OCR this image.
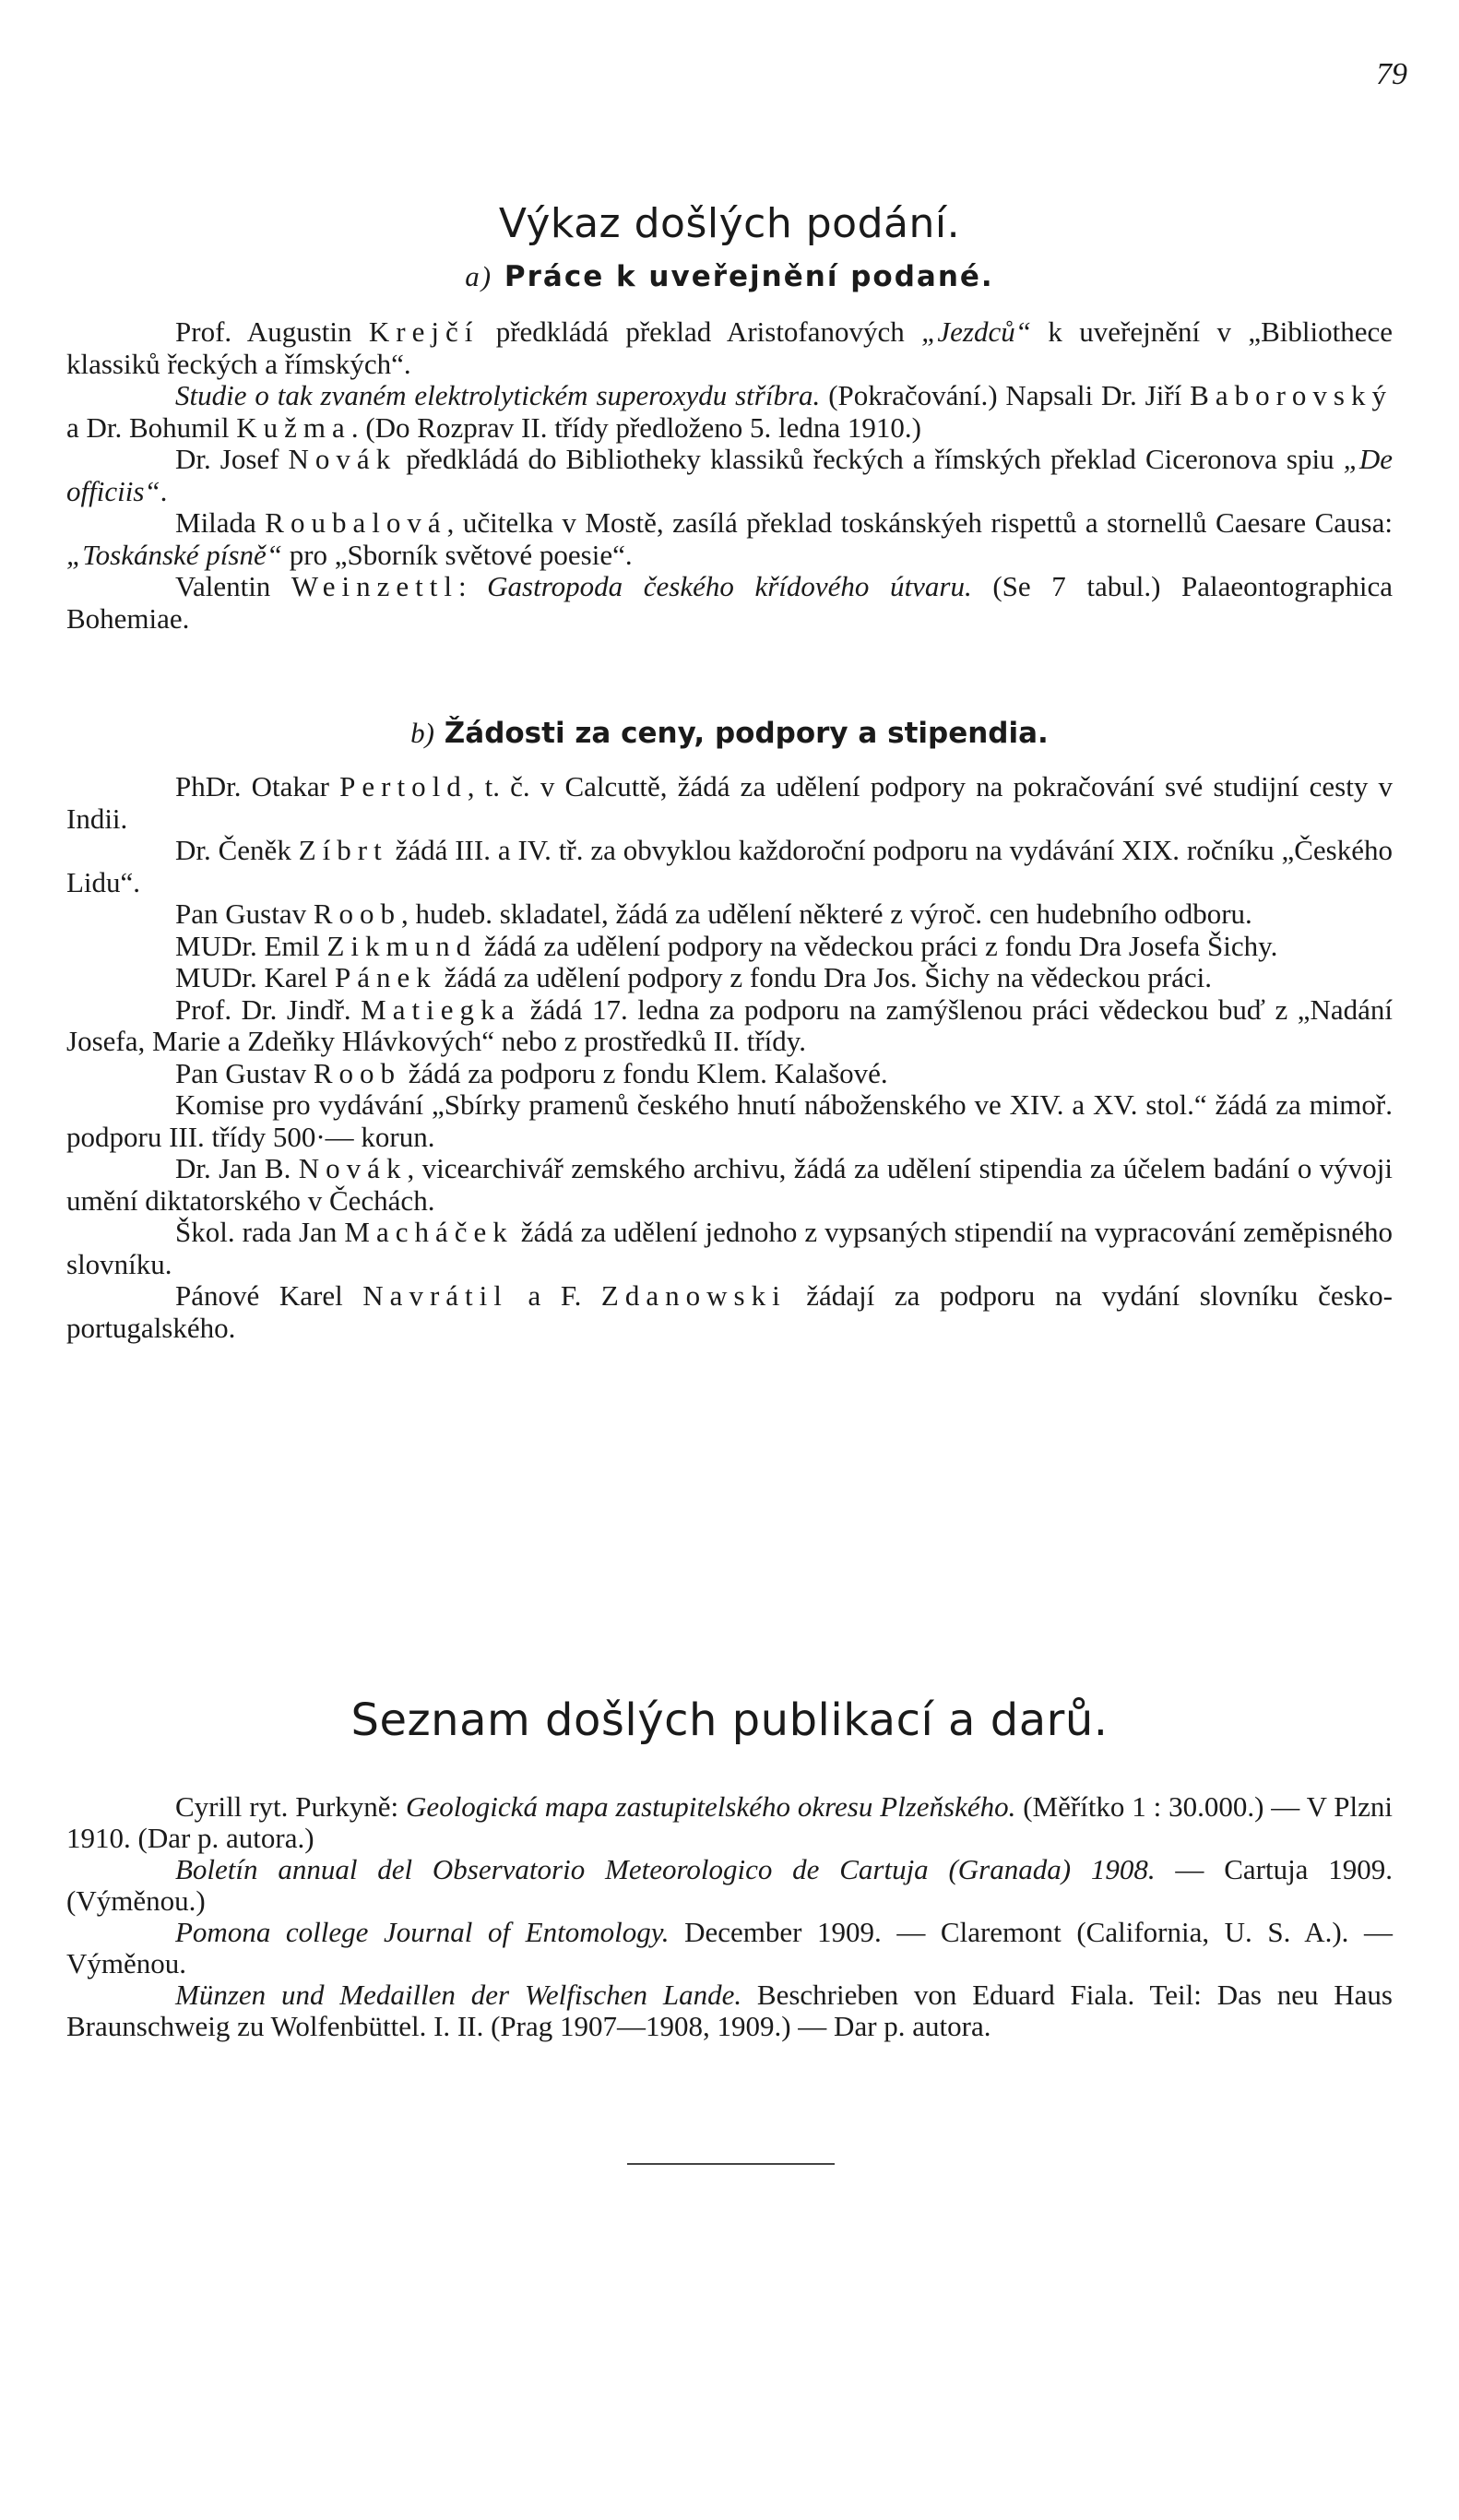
79
Výkaz došlých podání.
a) Práce k uveřejnění podané.

Prof. Augustin Krejčí předkládá překlad Aristofanových „Jezdců“ k uveřejnění v „Bibliothece klassiků řeckých a římských“.

Studie o tak zvaném elektrolytickém superoxydu stříbra. (Pokračování.) Napsali Dr. Jiří Baborovský a Dr. Bohumil Kužma. (Do Rozprav II. třídy předloženo 5. ledna 1910.)

Dr. Josef Novák předkládá do Bibliotheky klassiků řeckých a římských překlad Ciceronova spiu „De officiis“.

Milada Roubalová, učitelka v Mostě, zasílá překlad toskánskýeh rispettů a stornellů Caesare Causa: „Toskánské písně“ pro „Sborník světové poesie“.

Valentin Weinzettl: Gastropoda českého křídového útvaru. (Se 7 tabul.) Palaeontographica Bohemiae.

b) Žádosti za ceny, podpory a stipendia.

PhDr. Otakar Pertold, t. č. v Calcuttě, žádá za udělení podpory na pokračování své studijní cesty v Indii.

Dr. Čeněk Zíbrt žádá III. a IV. tř. za obvyklou každoroční podporu na vydávání XIX. ročníku „Českého Lidu“.

Pan Gustav Roob, hudeb. skladatel, žádá za udělení některé z výroč. cen hudebního odboru.

MUDr. Emil Zikmund žádá za udělení podpory na vědeckou práci z fondu Dra Josefa Šichy.

MUDr. Karel Pánek žádá za udělení podpory z fondu Dra Jos. Šichy na vědeckou práci.

Prof. Dr. Jindř. Matiegka žádá 17. ledna za podporu na zamýšlenou práci vědeckou buď z „Nadání Josefa, Marie a Zdeňky Hlávkových“ nebo z prostředků II. třídy.

Pan Gustav Roob žádá za podporu z fondu Klem. Kalašové.

Komise pro vydávání „Sbírky pramenů českého hnutí náboženského ve XIV. a XV. stol.“ žádá za mimoř. podporu III. třídy 500·— korun.

Dr. Jan B. Novák, vicearchivář zemského archivu, žádá za udělení stipendia za účelem badání o vývoji umění diktatorského v Čechách.

Škol. rada Jan Macháček žádá za udělení jednoho z vypsaných stipendií na vypracování zeměpisného slovníku.

Pánové Karel Navrátil a F. Zdanowski žádají za podporu na vydání slovníku česko-portugalského.

Seznam došlých publikací a darů.

Cyrill ryt. Purkyně: Geologická mapa zastupitelského okresu Plzeňského. (Měřítko 1 : 30.000.) — V Plzni 1910. (Dar p. autora.)

Boletín annual del Observatorio Meteorologico de Cartuja (Granada) 1908. — Cartuja 1909. (Výměnou.)

Pomona college Journal of Entomology. December 1909. — Claremont (California, U. S. A.). — Výměnou.

Münzen und Medaillen der Welfischen Lande. Beschrieben von Eduard Fiala. Teil: Das neu Haus Braunschweig zu Wolfenbüttel. I. II. (Prag 1907—1908, 1909.) — Dar p. autora.
